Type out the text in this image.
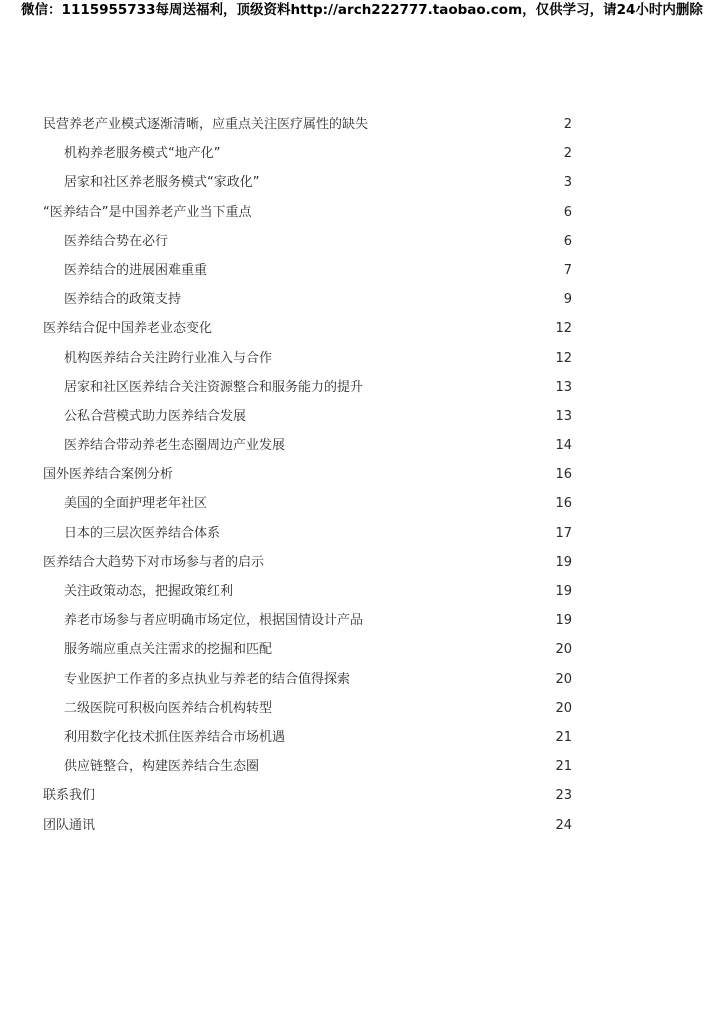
微信：1115955733每周送福利，顶级资料http://arch222777.taobao.com，仅供学习，请24小时内删除
民营养老产业模式逐渐清晰，应重点关注医疗属性的缺失	2
机构养老服务模式“地产化”	2
居家和社区养老服务模式“家政化”	3
“医养结合”是中国养老产业当下重点	6
医养结合势在必行	6
医养结合的进展困难重重	7
医养结合的政策支持	9
医养结合促中国养老业态变化	12
机构医养结合关注跨行业准入与合作	12
居家和社区医养结合关注资源整合和服务能力的提升	13
公私合营模式助力医养结合发展	13
医养结合带动养老生态圈周边产业发展	14
国外医养结合案例分析	16
美国的全面护理老年社区	16
日本的三层次医养结合体系	17
医养结合大趋势下对市场参与者的启示	19
关注政策动态，把握政策红利	19
养老市场参与者应明确市场定位，根据国情设计产品	19
服务端应重点关注需求的挖掘和匹配	20
专业医护工作者的多点执业与养老的结合值得探索	20
二级医院可积极向医养结合机构转型	20
利用数字化技术抓住医养结合市场机遇	21
供应链整合，构建医养结合生态圈	21
联系我们	23
团队通讯	24
